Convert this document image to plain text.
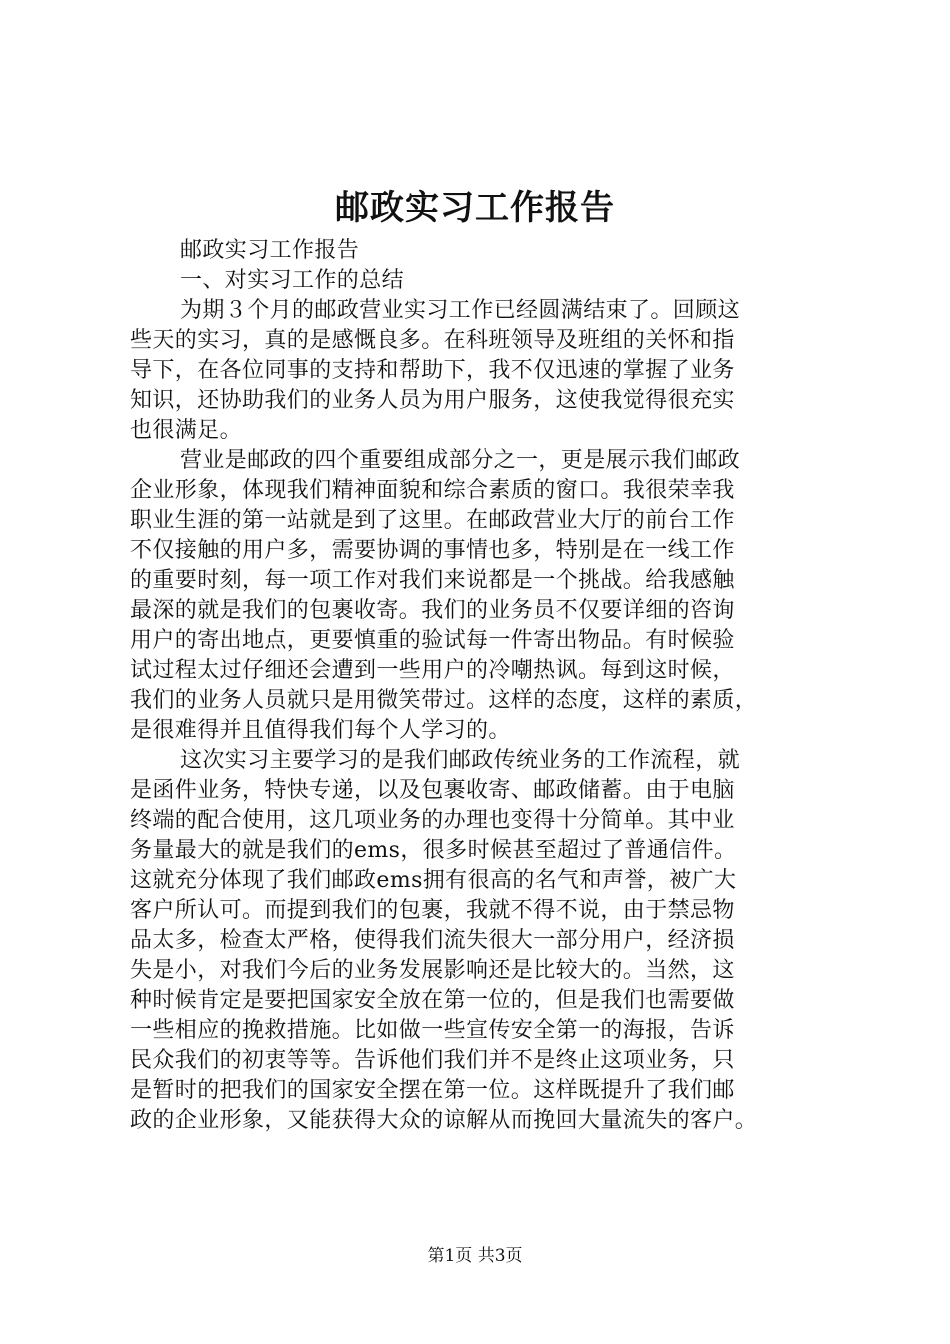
邮政实习工作报告
邮政实习工作报告
一、对实习工作的总结
为期３个月的邮政营业实习工作已经圆满结束了。回顾这
些天的实习，真的是感慨良多。在科班领导及班组的关怀和指
导下，在各位同事的支持和帮助下，我不仅迅速的掌握了业务
知识，还协助我们的业务人员为用户服务，这使我觉得很充实
也很满足。
营业是邮政的四个重要组成部分之一，更是展示我们邮政
企业形象，体现我们精神面貌和综合素质的窗口。我很荣幸我
职业生涯的第一站就是到了这里。在邮政营业大厅的前台工作
不仅接触的用户多，需要协调的事情也多，特别是在一线工作
的重要时刻，每一项工作对我们来说都是一个挑战。给我感触
最深的就是我们的包裹收寄。我们的业务员不仅要详细的咨询
用户的寄出地点，更要慎重的验试每一件寄出物品。有时候验
试过程太过仔细还会遭到一些用户的冷嘲热讽。每到这时候，
我们的业务人员就只是用微笑带过。这样的态度，这样的素质，
是很难得并且值得我们每个人学习的。
这次实习主要学习的是我们邮政传统业务的工作流程，就
是函件业务，特快专递，以及包裹收寄、邮政储蓄。由于电脑
终端的配合使用，这几项业务的办理也变得十分简单。其中业
务量最大的就是我们的ems，很多时候甚至超过了普通信件。
这就充分体现了我们邮政ems拥有很高的名气和声誉，被广大
客户所认可。而提到我们的包裹，我就不得不说，由于禁忌物
品太多，检查太严格，使得我们流失很大一部分用户，经济损
失是小，对我们今后的业务发展影响还是比较大的。当然，这
种时候肯定是要把国家安全放在第一位的，但是我们也需要做
一些相应的挽救措施。比如做一些宣传安全第一的海报，告诉
民众我们的初衷等等。告诉他们我们并不是终止这项业务，只
是暂时的把我们的国家安全摆在第一位。这样既提升了我们邮
政的企业形象，又能获得大众的谅解从而挽回大量流失的客户。
第1页 共3页
